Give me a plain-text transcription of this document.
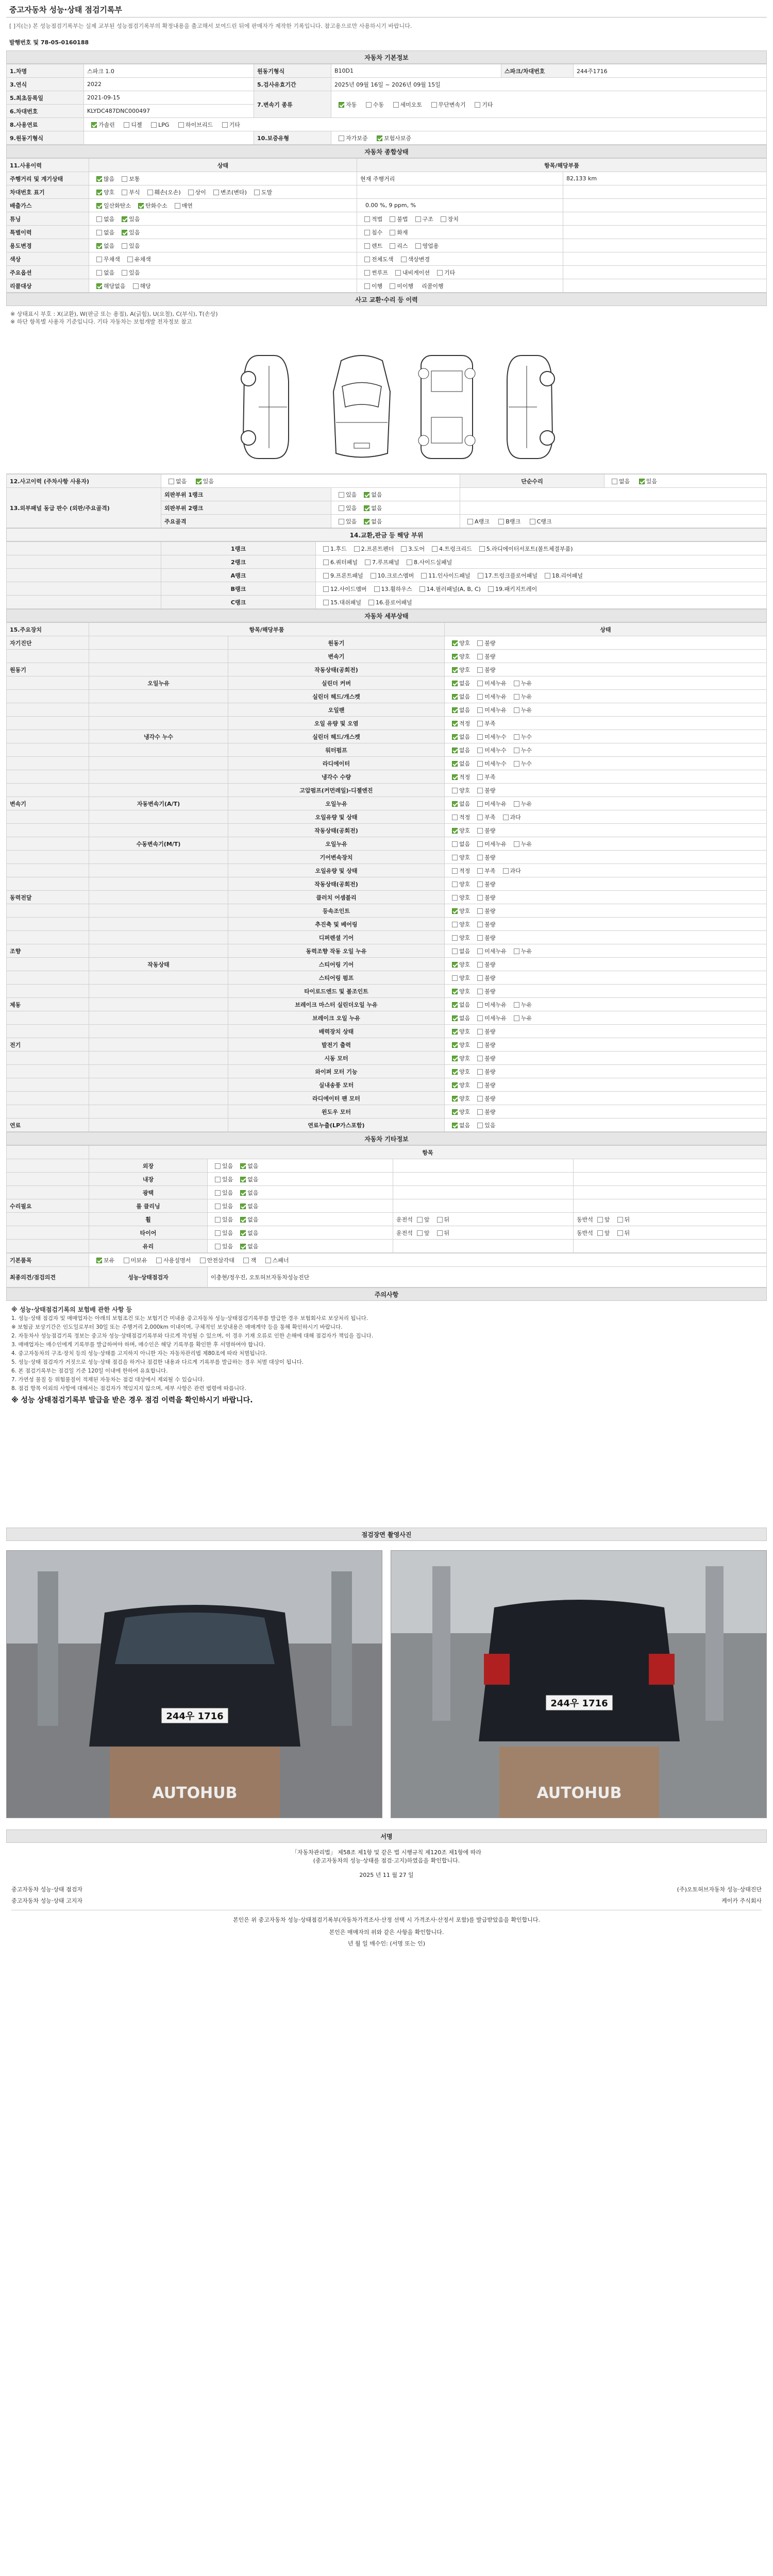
중고자동차 성능·상태 점검기록부
[ ]지(는) 본 성능점검기록부는 실제 교부된 성능점검기록부의 확정내용을 출고해서 보여드린 뒤에 판매자가 제작한 기록입니다. 참고용으로만 사용하시기 바랍니다.
발행번호 및 78-05-0160188
자동차 기본정보
1.차명	스파크 1.0	원동기형식	B10D1	스파크/차대번호	244주1716
3.연식	2022	5.검사유효기간	2025년 09월 16일 ~ 2026년 09월 15일		
5.최초등록일	2021-09-15	7.변속기 종류	자동 수동 세미오토 무단변속기 기타		
6.차대번호	KLYDC487DNC000497				
8.사용연료	가솔린 디젤 LPG 하이브리드 기타				
9.원동기형식		10.보증유형	자가보증 보험사보증		
자동차 종합상태
11.사용이력	상태	항목/해당부품	
주행거리 및 계기상태	많음 보통	현재 주행거리	82,133 km
차대번호 표기	양호 부식 훼손(오손) 상이 변조(변타) 도말		
배출가스	일산화탄소 탄화수소 매연	0.00 %, 9 ppm, %	
튜닝	없음 있음	적법 불법 구조 장치	
특별이력	없음 있음	침수 화재	
용도변경	없음 있음	렌트 리스 영업용	
색상	무채색 유채색	전체도색 색상변경	
주요옵션	없음 있음	썬루프 내비게이션 기타	
리콜대상	해당없음 해당	이행 미이행 리콜이행	
사고 교환·수리 등 이력
※ 상태표시 부호 : X(교환), W(판금 또는 용접), A(긁힘), U(요철), C(부식), T(손상)
※ 하단 항목별 사용자 기준입니다. 기타 자동차는 보험개발 전자정보 참고
12.사고이력 (주차사항 사용자)	없음 있음		단순수리	없음 있음
13.외부패널 동급 판수 (외판/주요골격)	외판부위 1랭크	있음 없음		
	외판부위 2랭크	있음 없음		
	주요골격	있음 없음	A랭크 B랭크 C랭크	
14.교환,판금 등 해당 부위
	1랭크	1.후드 2.프론트펜더 3.도어 4.트렁크리드 5.라디에이터서포트(볼트체결부품)
	2랭크	6.쿼터패널 7.루프패널 8.사이드실패널
	A랭크	9.프론트패널 10.크로스멤버 11.인사이드패널 17.트렁크플로어패널 18.리어패널
	B랭크	12.사이드멤버 13.휠하우스 14.필러패널(A, B, C) 19.패키지트레이
	C랭크	15.대쉬패널 16.플로어패널
자동차 세부상태
15.주요장치	항목/해당부품		상태
자기진단		원동기	양호 불량
		변속기	양호 불량
원동기		작동상태(공회전)	양호 불량
	오일누유	실린더 커버	없음 미세누유 누유
		실린더 헤드/개스켓	없음 미세누유 누유
		오일팬	없음 미세누유 누유
		오일 유량 및 오염	적정 부족
	냉각수 누수	실린더 헤드/개스켓	없음 미세누수 누수
		워터펌프	없음 미세누수 누수
		라디에이터	없음 미세누수 누수
		냉각수 수량	적정 부족
		고압펌프(커먼레일)-디젤엔진	양호 불량
변속기	자동변속기(A/T)	오일누유	없음 미세누유 누유
		오일유량 및 상태	적정 부족 과다
		작동상태(공회전)	양호 불량
	수동변속기(M/T)	오일누유	없음 미세누유 누유
		기어변속장치	양호 불량
		오일유량 및 상태	적정 부족 과다
		작동상태(공회전)	양호 불량
동력전달		클러치 어셈블리	양호 불량
		등속조인트	양호 불량
		추진축 및 베어링	양호 불량
		디퍼렌셜 기어	양호 불량
조향		동력조향 작동 오일 누유	없음 미세누유 누유
	작동상태	스티어링 기어	양호 불량
		스티어링 펌프	양호 불량
		타이로드엔드 및 볼조인트	양호 불량
제동		브레이크 마스터 실린더오일 누유	없음 미세누유 누유
		브레이크 오일 누유	없음 미세누유 누유
		배력장치 상태	양호 불량
전기		발전기 출력	양호 불량
		시동 모터	양호 불량
		와이퍼 모터 기능	양호 불량
		실내송풍 모터	양호 불량
		라디에이터 팬 모터	양호 불량
		윈도우 모터	양호 불량
연료		연료누출(LP가스포함)	없음 있음
자동차 기타정보
	항목			
	외장	있음 없음		
	내장	있음 없음		
	광택	있음 없음		
수리필요	룸 클리닝	있음 없음		
	휠	있음 없음	운전석 앞 뒤	동반석 앞 뒤
	타이어	있음 없음	운전석 앞 뒤	동반석 앞 뒤
	유리	있음 없음		
기본품목	보유 미보유 사용설명서 안전삼각대 잭 스패너	
최종의견/점검의견	성능·상태점검자	이충현/정우진, 오토허브자동차성능진단
주의사항

※ 성능·상태점검기록의 보험배 관한 사항 등

1. 성능·상태 점검자 및 매매업자는 아래의 보험조건 또는 보험기간 미내용 중고자동차 성능·상태점검기록부를 발급한 경우 보험회사로 보상처리 됩니다.

※ 보험금 보상기간은 인도일로부터 30일 또는 주행거리 2,000km 이내이며, 구체적인 보상내용은 매매계약 등을 통해 확인하시기 바랍니다.

2. 자동차사 성능점검기록 정보는 중고차 성능·상태점검기록부와 다르게 작성될 수 있으며, 이 경우 기재 오류로 인한 손해에 대해 점검자가 책임을 집니다.

3. 매매업자는 매수인에게 기록부를 발급하여야 하며, 매수인은 해당 기록부를 확인한 후 서명하여야 합니다.

4. 중고자동차의 구조·장치 등의 성능·상태를 고지하지 아니한 자는 자동차관리법 제80조에 따라 처벌됩니다.

5. 성능·상태 점검자가 거짓으로 성능·상태 점검을 하거나 점검한 내용과 다르게 기록부를 발급하는 경우 처벌 대상이 됩니다.

6. 본 점검기록부는 점검일 기준 120일 이내에 한하여 유효합니다.

7. 가연성 물질 등 위험물질이 적재된 자동차는 점검 대상에서 제외될 수 있습니다.

8. 점검 항목 이외의 사항에 대해서는 점검자가 책임지지 않으며, 세부 사항은 관련 법령에 따릅니다.

※ 성능 상태점검기록부 발급을 받은 경우 점검 이력을 확인하시기 바랍니다.

점검장면 촬영사진
244우 1716
AUTOHUB
244우 1716
AUTOHUB
서명
「자동차관리법」 제58조 제1항 및 같은 법 시행규칙 제120조 제1항에 따라
(중고자동차의 성능·상태를 점검·고지)하였음을 확인합니다.
2025 년 11 월 27 일
중고자동차 성능·상태 점검자	(주)오토허브자동차 성능·상태진단
중고자동차 성능·상태 고지자	케이카 주식회사
본인은 위 중고자동차 성능·상태점검기록부(자동차가격조사·산정 선택 시 가격조사·산정서 포함)를 발급받았음을 확인합니다.
본인은 매매자의 위와 같은 사항을 확인합니다.
년 월 일 매수인: (서명 또는 인)
